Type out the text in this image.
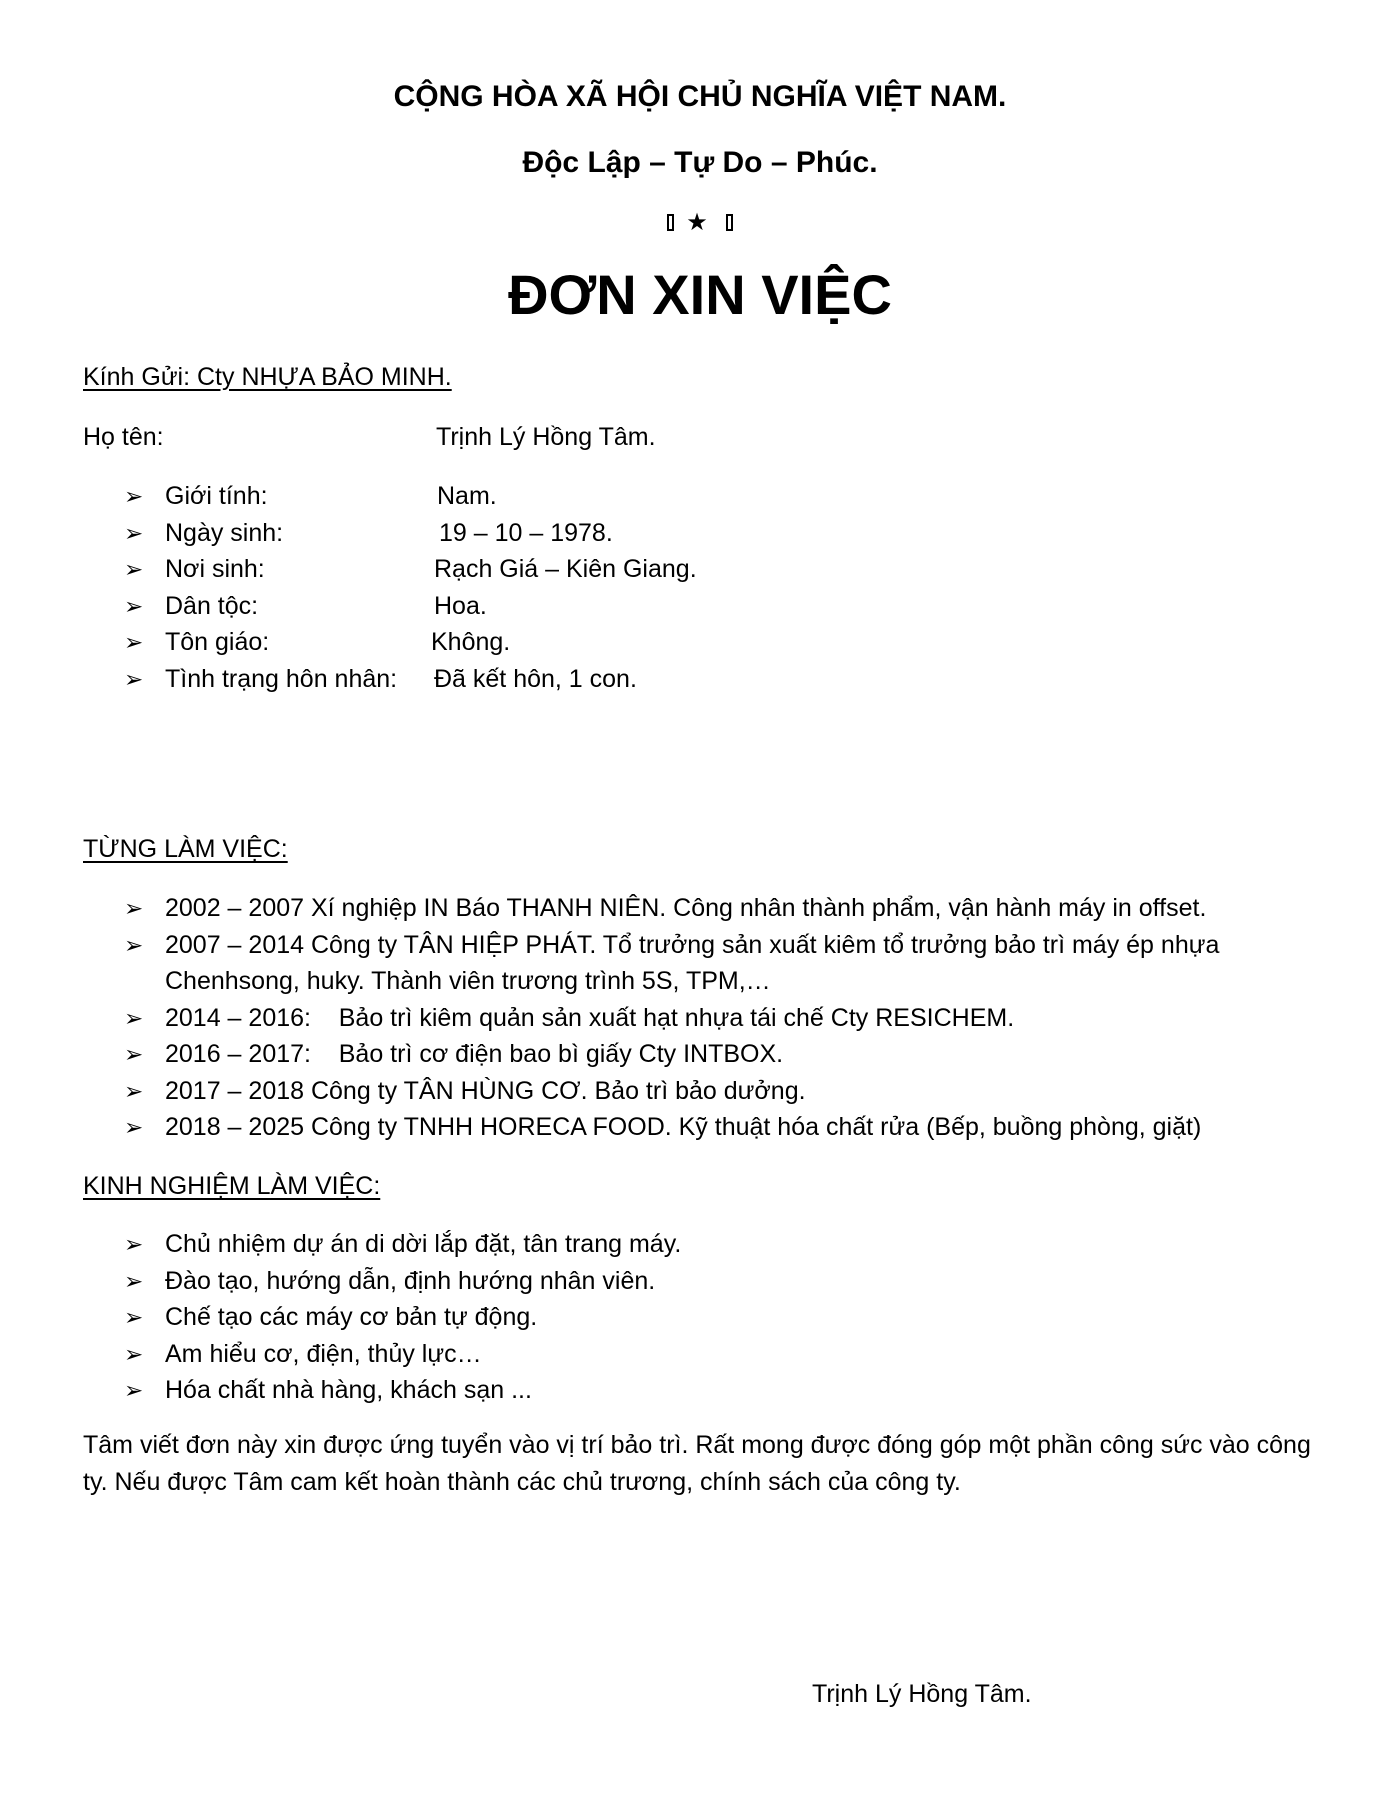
CỘNG HÒA XÃ HỘI CHỦ NGHĨA VIỆT NAM.
Độc Lập – Tự Do – Phúc.
★
ĐƠN XIN VIỆC
Kính Gửi: Cty NHỰA BẢO MINH.
Họ tên:	Trịnh Lý Hồng Tâm.
➢ Giới tính:	Nam.
➢ Ngày sinh:	19 – 10 – 1978.
➢ Nơi sinh:	Rạch Giá – Kiên Giang.
➢ Dân tộc:	Hoa.
➢ Tôn giáo:	Không.
➢ Tình trạng hôn nhân: Đã kết hôn, 1 con.
TỪNG LÀM VIỆC:
➢ 2002 – 2007 Xí nghiệp IN Báo THANH NIÊN. Công nhân thành phẩm, vận hành máy in offset.
➢ 2007 – 2014 Công ty TÂN HIỆP PHÁT. Tổ trưởng sản xuất kiêm tổ trưởng bảo trì máy ép nhựa Chenhsong, huky. Thành viên trương trình 5S, TPM,…
➢ 2014 – 2016:    Bảo trì kiêm quản sản xuất hạt nhựa tái chế Cty RESICHEM.
➢ 2016 – 2017:    Bảo trì cơ điện bao bì giấy Cty INTBOX.
➢ 2017 – 2018 Công ty TÂN HÙNG CƠ. Bảo trì bảo dưởng.
➢ 2018 – 2025 Công ty TNHH HORECA FOOD. Kỹ thuật hóa chất rửa (Bếp, buồng phòng, giặt)
KINH NGHIỆM LÀM VIỆC:
➢ Chủ nhiệm dự án di dời lắp đặt, tân trang máy.
➢ Đào tạo, hướng dẫn, định hướng nhân viên.
➢ Chế tạo các máy cơ bản tự động.
➢ Am hiểu cơ, điện, thủy lực…
➢ Hóa chất nhà hàng, khách sạn ...
Tâm viết đơn này xin được ứng tuyển vào vị trí bảo trì. Rất mong được đóng góp một phần công sức vào công ty. Nếu được Tâm cam kết hoàn thành các chủ trương, chính sách của công ty.
Trịnh Lý Hồng Tâm.
